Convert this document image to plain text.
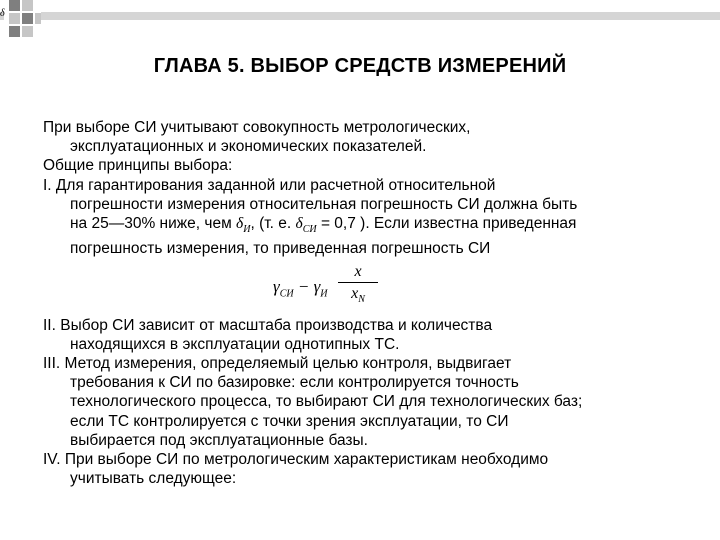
δ
ГЛАВА 5. ВЫБОР СРЕДСТВ ИЗМЕРЕНИЙ

При выборе СИ учитывают совокупность метрологических,

эксплуатационных и экономических показателей.

Общие принципы выбора:

I. Для гарантирования заданной или расчетной относительной

погрешности измерения относительная погрешность СИ должна быть

на 25—30% ниже, чем $\delta_И$, (т. е. $\delta_{СИ} = 0,7$ ). Если известна приведенная

погрешность измерения, то приведенная погрешность СИ

$\gamma_{СИ} - \gamma_И \frac{x}{x_N}$

II. Выбор СИ зависит от масштаба производства и количества

находящихся в эксплуатации однотипных ТС.

III. Метод измерения, определяемый целью контроля, выдвигает

требования к СИ по базировке: если контролируется точность

технологического процесса, то выбирают СИ для технологических баз;

если ТС контролируется с точки зрения эксплуатации, то СИ

выбирается под эксплуатационные базы.

IV. При выборе СИ по метрологическим характеристикам необходимо

учитывать следующее:
